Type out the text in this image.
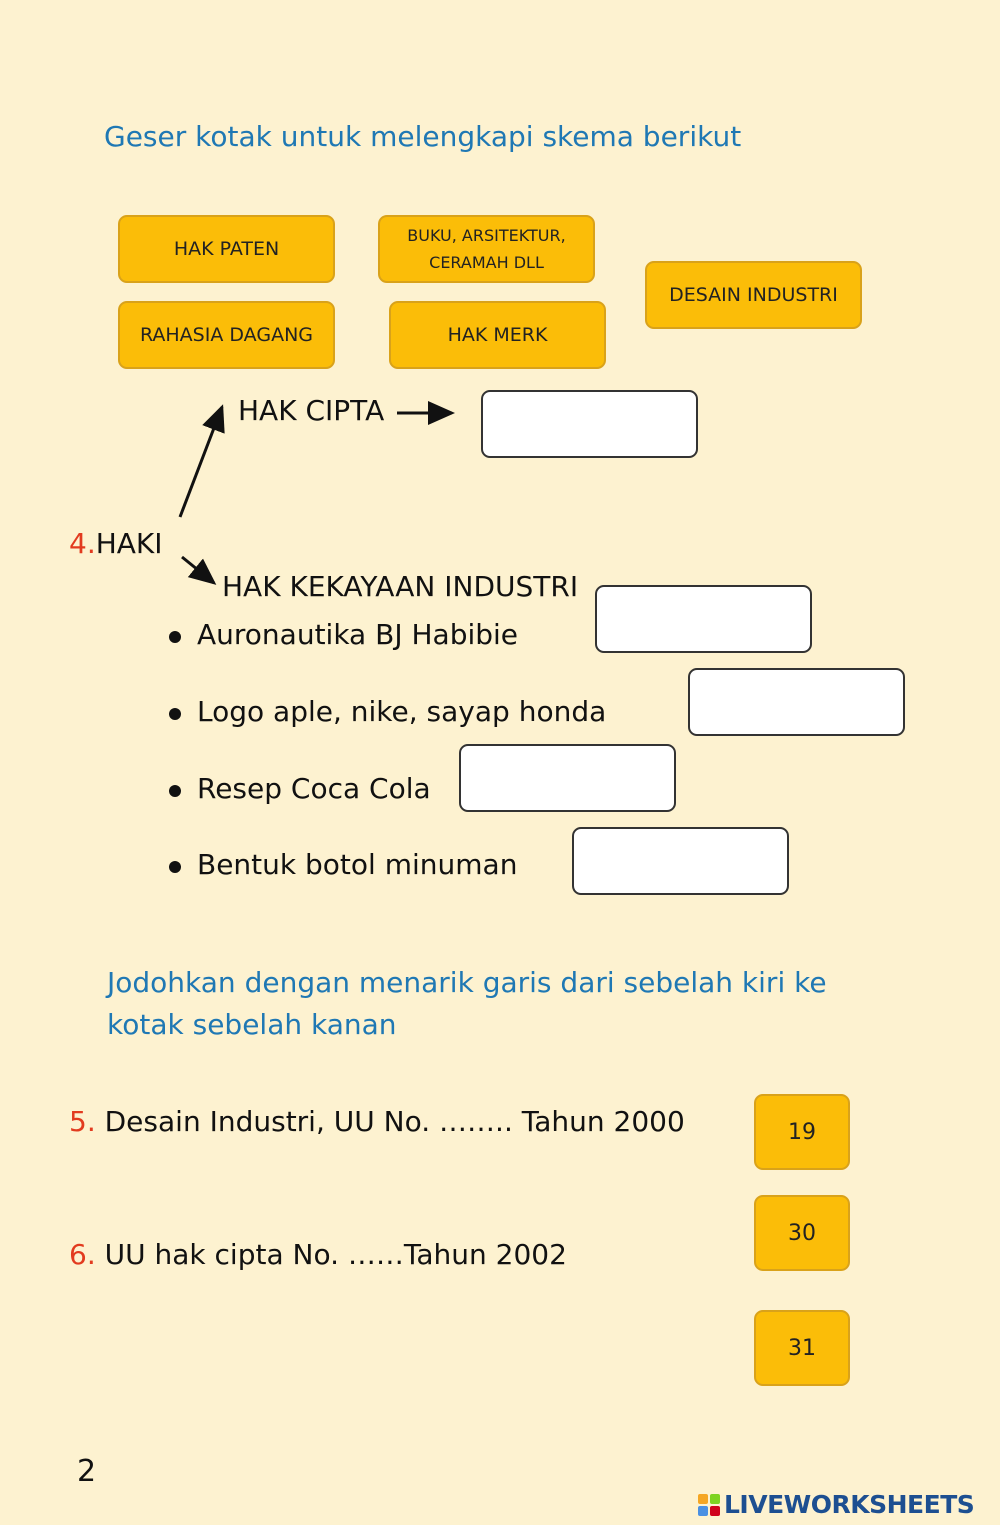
Geser kotak untuk melengkapi skema berikut
HAK PATEN
BUKU, ARSITEKTUR,
CERAMAH DLL
DESAIN INDUSTRI
RAHASIA DAGANG	HAK MERK
HAK CIPTA
4.HAKI
HAK KEKAYAAN INDUSTRI
Auronautika BJ Habibie
Logo aple, nike, sayap honda
Resep Coca Cola
Bentuk botol minuman
Jodohkan dengan menarik garis dari sebelah kiri ke
kotak sebelah kanan
5. Desain Industri, UU No. …….. Tahun 2000
6. UU hak cipta No. ……Tahun 2002
19
30
31
2
LIVEWORKSHEETS
